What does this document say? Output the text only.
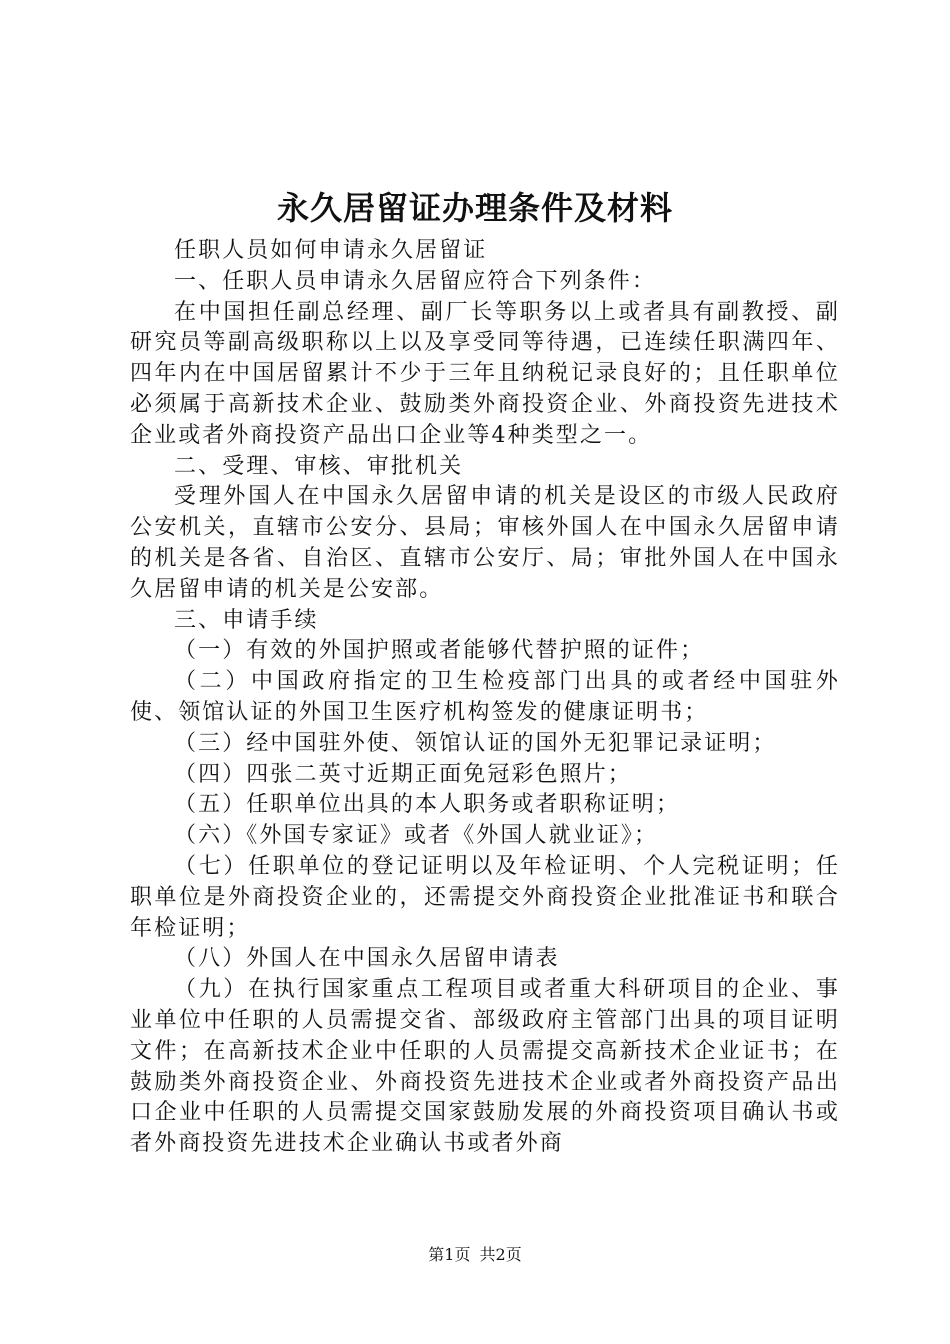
永久居留证办理条件及材料

任职人员如何申请永久居留证

一、任职人员申请永久居留应符合下列条件：

在中国担任副总经理、副厂长等职务以上或者具有副教授、副研究员等副高级职称以上以及享受同等待遇，已连续任职满四年、四年内在中国居留累计不少于三年且纳税记录良好的；且任职单位必须属于高新技术企业、鼓励类外商投资企业、外商投资先进技术企业或者外商投资产品出口企业等4种类型之一。

二、受理、审核、审批机关

受理外国人在中国永久居留申请的机关是设区的市级人民政府公安机关，直辖市公安分、县局；审核外国人在中国永久居留申请的机关是各省、自治区、直辖市公安厅、局；审批外国人在中国永久居留申请的机关是公安部。

三、申请手续

（一）有效的外国护照或者能够代替护照的证件；

（二）中国政府指定的卫生检疫部门出具的或者经中国驻外使、领馆认证的外国卫生医疗机构签发的健康证明书；

（三）经中国驻外使、领馆认证的国外无犯罪记录证明；

（四）四张二英寸近期正面免冠彩色照片；

（五）任职单位出具的本人职务或者职称证明；

（六）《外国专家证》或者《外国人就业证》；

（七）任职单位的登记证明以及年检证明、个人完税证明；任职单位是外商投资企业的，还需提交外商投资企业批准证书和联合年检证明；

（八）外国人在中国永久居留申请表

（九）在执行国家重点工程项目或者重大科研项目的企业、事业单位中任职的人员需提交省、部级政府主管部门出具的项目证明文件；在高新技术企业中任职的人员需提交高新技术企业证书；在鼓励类外商投资企业、外商投资先进技术企业或者外商投资产品出口企业中任职的人员需提交国家鼓励发展的外商投资项目确认书或者外商投资先进技术企业确认书或者外商

第1页 共2页
